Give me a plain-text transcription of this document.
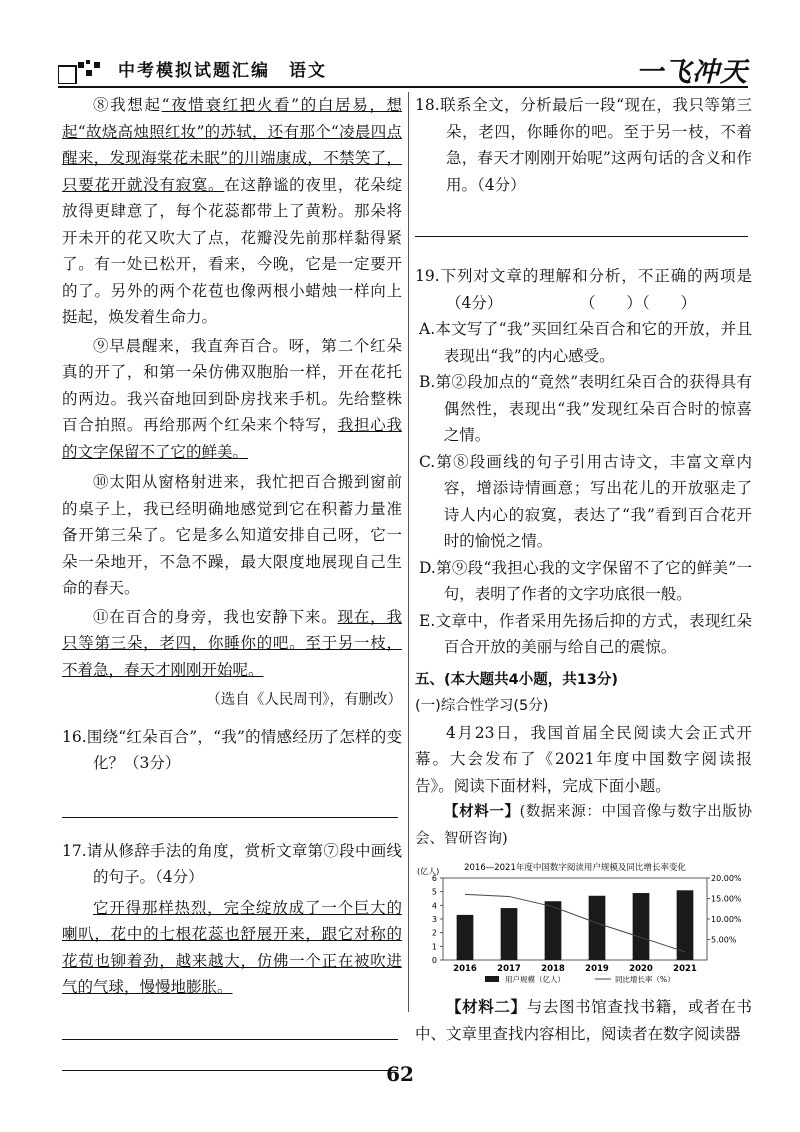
中考模拟试题汇编　语文	一飞冲天

⑧我想起“夜惜衰红把火看”的白居易，想起“故烧高烛照红妆”的苏轼，还有那个“凌晨四点醒来，发现海棠花未眠”的川端康成，不禁笑了，只要花开就没有寂寞。在这静谧的夜里，花朵绽放得更肆意了，每个花蕊都带上了黄粉。那朵将开未开的花又吹大了点，花瓣没先前那样黏得紧了。有一处已松开，看来，今晚，它是一定要开的了。另外的两个花苞也像两根小蜡烛一样向上挺起，焕发着生命力。

⑨早晨醒来，我直奔百合。呀，第二个红朵真的开了，和第一朵仿佛双胞胎一样，开在花托的两边。我兴奋地回到卧房找来手机。先给整株百合拍照。再给那两个红朵来个特写，我担心我的文字保留不了它的鲜美。

⑩太阳从窗格射进来，我忙把百合搬到窗前的桌子上，我已经明确地感觉到它在积蓄力量准备开第三朵了。它是多么知道安排自己呀，它一朵一朵地开，不急不躁，最大限度地展现自己生命的春天。

⑪在百合的身旁，我也安静下来。现在，我只等第三朵，老四，你睡你的吧。至于另一枝，不着急，春天才刚刚开始呢。

（选自《人民周刊》，有删改）

16.围绕“红朵百合”，“我”的情感经历了怎样的变化？（3分）

17.请从修辞手法的角度，赏析文章第⑦段中画线的句子。（4分）

它开得那样热烈，完全绽放成了一个巨大的喇叭，花中的七根花蕊也舒展开来，跟它对称的花苞也铆着劲，越来越大，仿佛一个正在被吹进气的气球，慢慢地膨胀。

18.联系全文，分析最后一段“现在，我只等第三朵，老四，你睡你的吧。至于另一枝，不着急，春天才刚刚开始呢”这两句话的含义和作用。（4分）

19.下列对文章的理解和分析，不正确的两项是（4分）　　　　　　（　　）（　　）

A.本文写了“我”买回红朵百合和它的开放，并且表现出“我”的内心感受。

B.第②段加点的“竟然”表明红朵百合的获得具有偶然性，表现出“我”发现红朵百合时的惊喜之情。

C.第⑧段画线的句子引用古诗文，丰富文章内容，增添诗情画意；写出花儿的开放驱走了诗人内心的寂寞，表达了“我”看到百合花开时的愉悦之情。

D.第⑨段“我担心我的文字保留不了它的鲜美”一句，表明了作者的文字功底很一般。

E.文章中，作者采用先扬后抑的方式，表现红朵百合开放的美丽与给自己的震惊。

五、(本大题共4小题，共13分)

(一)综合性学习(5分)

4月23日，我国首届全民阅读大会正式开幕。大会发布了《2021年度中国数字阅读报告》。阅读下面材料，完成下面小题。

【材料一】(数据来源：中国音像与数字出版协会、智研咨询)

2016—2021年度中国数字阅读用户规模及同比增长率变化
(亿人)
0
1
2
3
4
5
6
5.00%
10.00%
15.00%
20.00%
2016 2017 2018 2019 2020 2021
用户规模（亿人）	同比增长率（%）

【材料二】与去图书馆查找书籍，或者在书中、文章里查找内容相比，阅读者在数字阅读器

62
